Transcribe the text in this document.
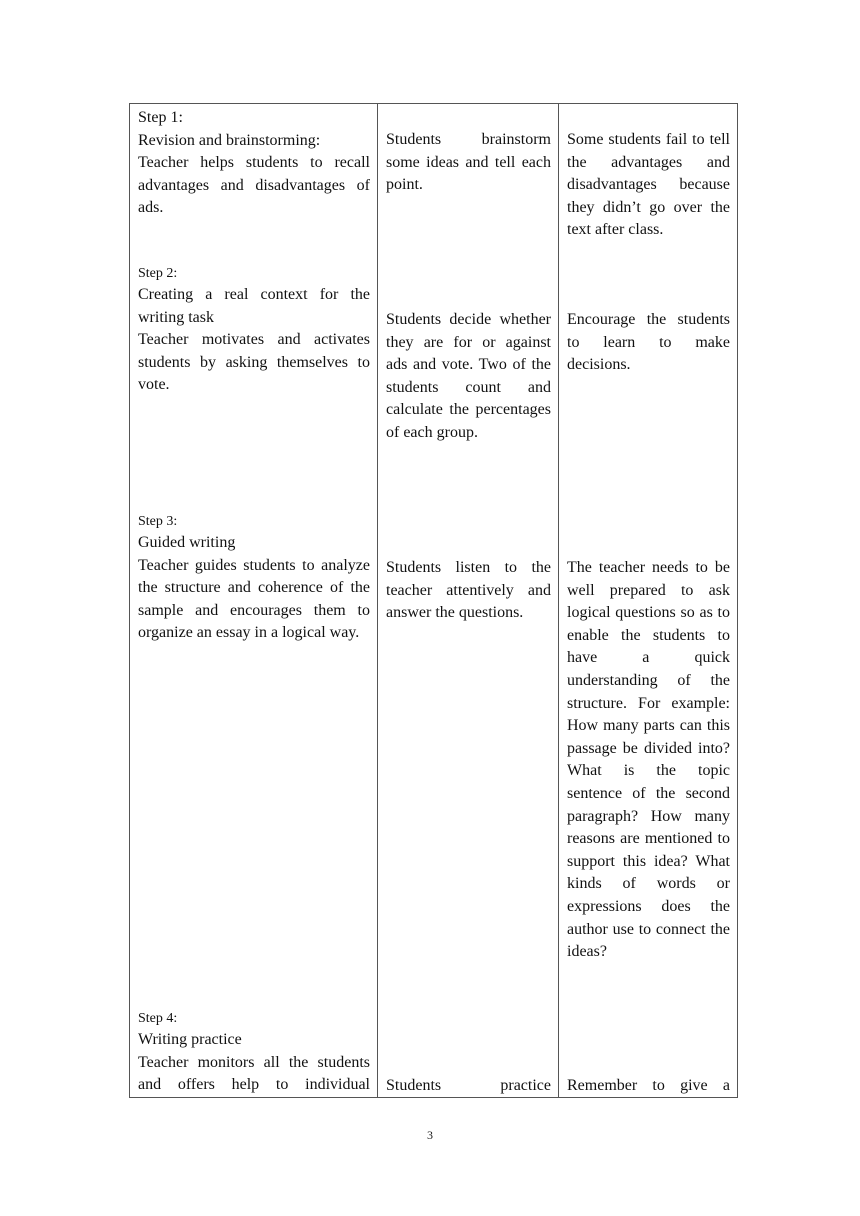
Step 1:
Revision and brainstorming:
Teacher helps students to recall advantages and disadvantages of ads.
Step 2:
Creating a real context for the writing task
Teacher motivates and activates students by asking themselves to vote.
Step 3:
Guided writing
Teacher guides students to analyze the structure and coherence of the sample and encourages them to organize an essay in a logical way.
Step 4:
Writing practice
Teacher monitors all the students and offers help to individual
Students brainstorm some ideas and tell each point.
Students decide whether they are for or against ads and vote. Two of the students count and calculate the percentages of each group.
Students listen to the teacher attentively and answer the questions.
Students practice
Some students fail to tell the advantages and disadvantages because they didn’t go over the text after class.
Encourage the students to learn to make decisions.
The teacher needs to be well prepared to ask logical questions so as to enable the students to have a quick understanding of the structure. For example: How many parts can this passage be divided into? What is the topic sentence of the second paragraph? How many reasons are mentioned to support this idea? What kinds of words or expressions does the author use to connect the ideas?
Remember to give a
3
